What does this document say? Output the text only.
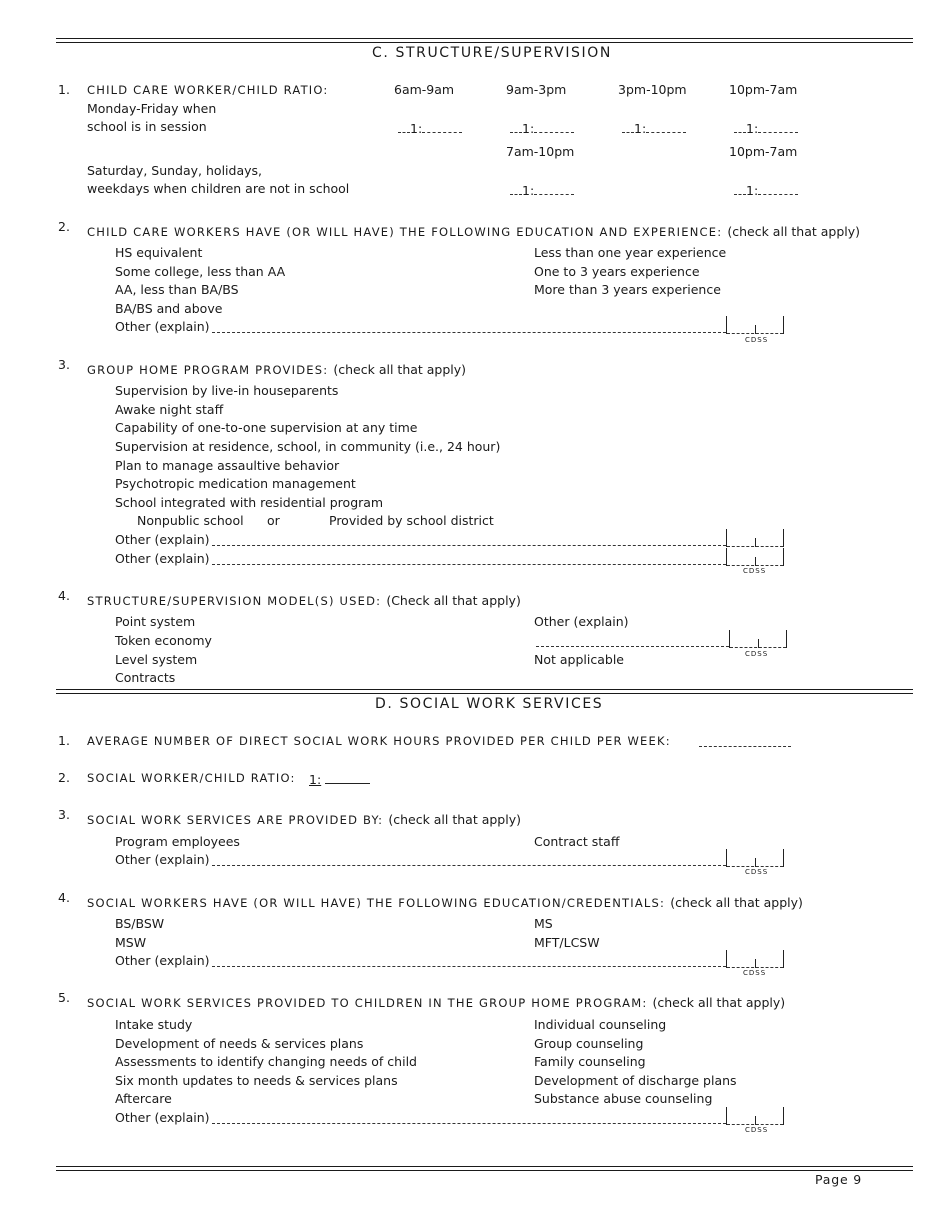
C. STRUCTURE/SUPERVISION
1. CHILD CARE WORKER/CHILD RATIO:
Monday-Friday when
school is in session
6am-9am	9am-3pm	3pm-10pm	10pm-7am
1:	1:	1:	1:
7am-10pm	10pm-7am
Saturday, Sunday, holidays,
weekdays when children are not in school	1:	1:
2. CHILD CARE WORKERS HAVE (OR WILL HAVE) THE FOLLOWING EDUCATION AND EXPERIENCE: (check all that apply)
HS equivalent
Some college, less than AA
AA, less than BA/BS
BA/BS and above
Less than one year experience
One to 3 years experience
More than 3 years experience
Other (explain)
CDSS
3. GROUP HOME PROGRAM PROVIDES: (check all that apply)
Supervision by live-in houseparents
Awake night staff
Capability of one-to-one supervision at any time
Supervision at residence, school, in community (i.e., 24 hour)
Plan to manage assaultive behavior
Psychotropic medication management
School integrated with residential program
Nonpublic school or	Provided by school district
Other (explain)
Other (explain)
CDSS
4. STRUCTURE/SUPERVISION MODEL(S) USED: (Check all that apply)
Point system
Token economy
Level system
Contracts
Other (explain)
CDSS
Not applicable
D. SOCIAL WORK SERVICES
1. AVERAGE NUMBER OF DIRECT SOCIAL WORK HOURS PROVIDED PER CHILD PER WEEK:
2. SOCIAL WORKER/CHILD RATIO: 1:
3. SOCIAL WORK SERVICES ARE PROVIDED BY: (check all that apply)
Program employees	Contract staff
Other (explain)
CDSS
4. SOCIAL WORKERS HAVE (OR WILL HAVE) THE FOLLOWING EDUCATION/CREDENTIALS: (check all that apply)
BS/BSW
MSW
MS
MFT/LCSW
Other (explain)
CDSS
5. SOCIAL WORK SERVICES PROVIDED TO CHILDREN IN THE GROUP HOME PROGRAM: (check all that apply)
Intake study
Development of needs & services plans
Assessments to identify changing needs of child
Six month updates to needs & services plans
Aftercare
Individual counseling
Group counseling
Family counseling
Development of discharge plans
Substance abuse counseling
Other (explain)
CDSS
Page 9
